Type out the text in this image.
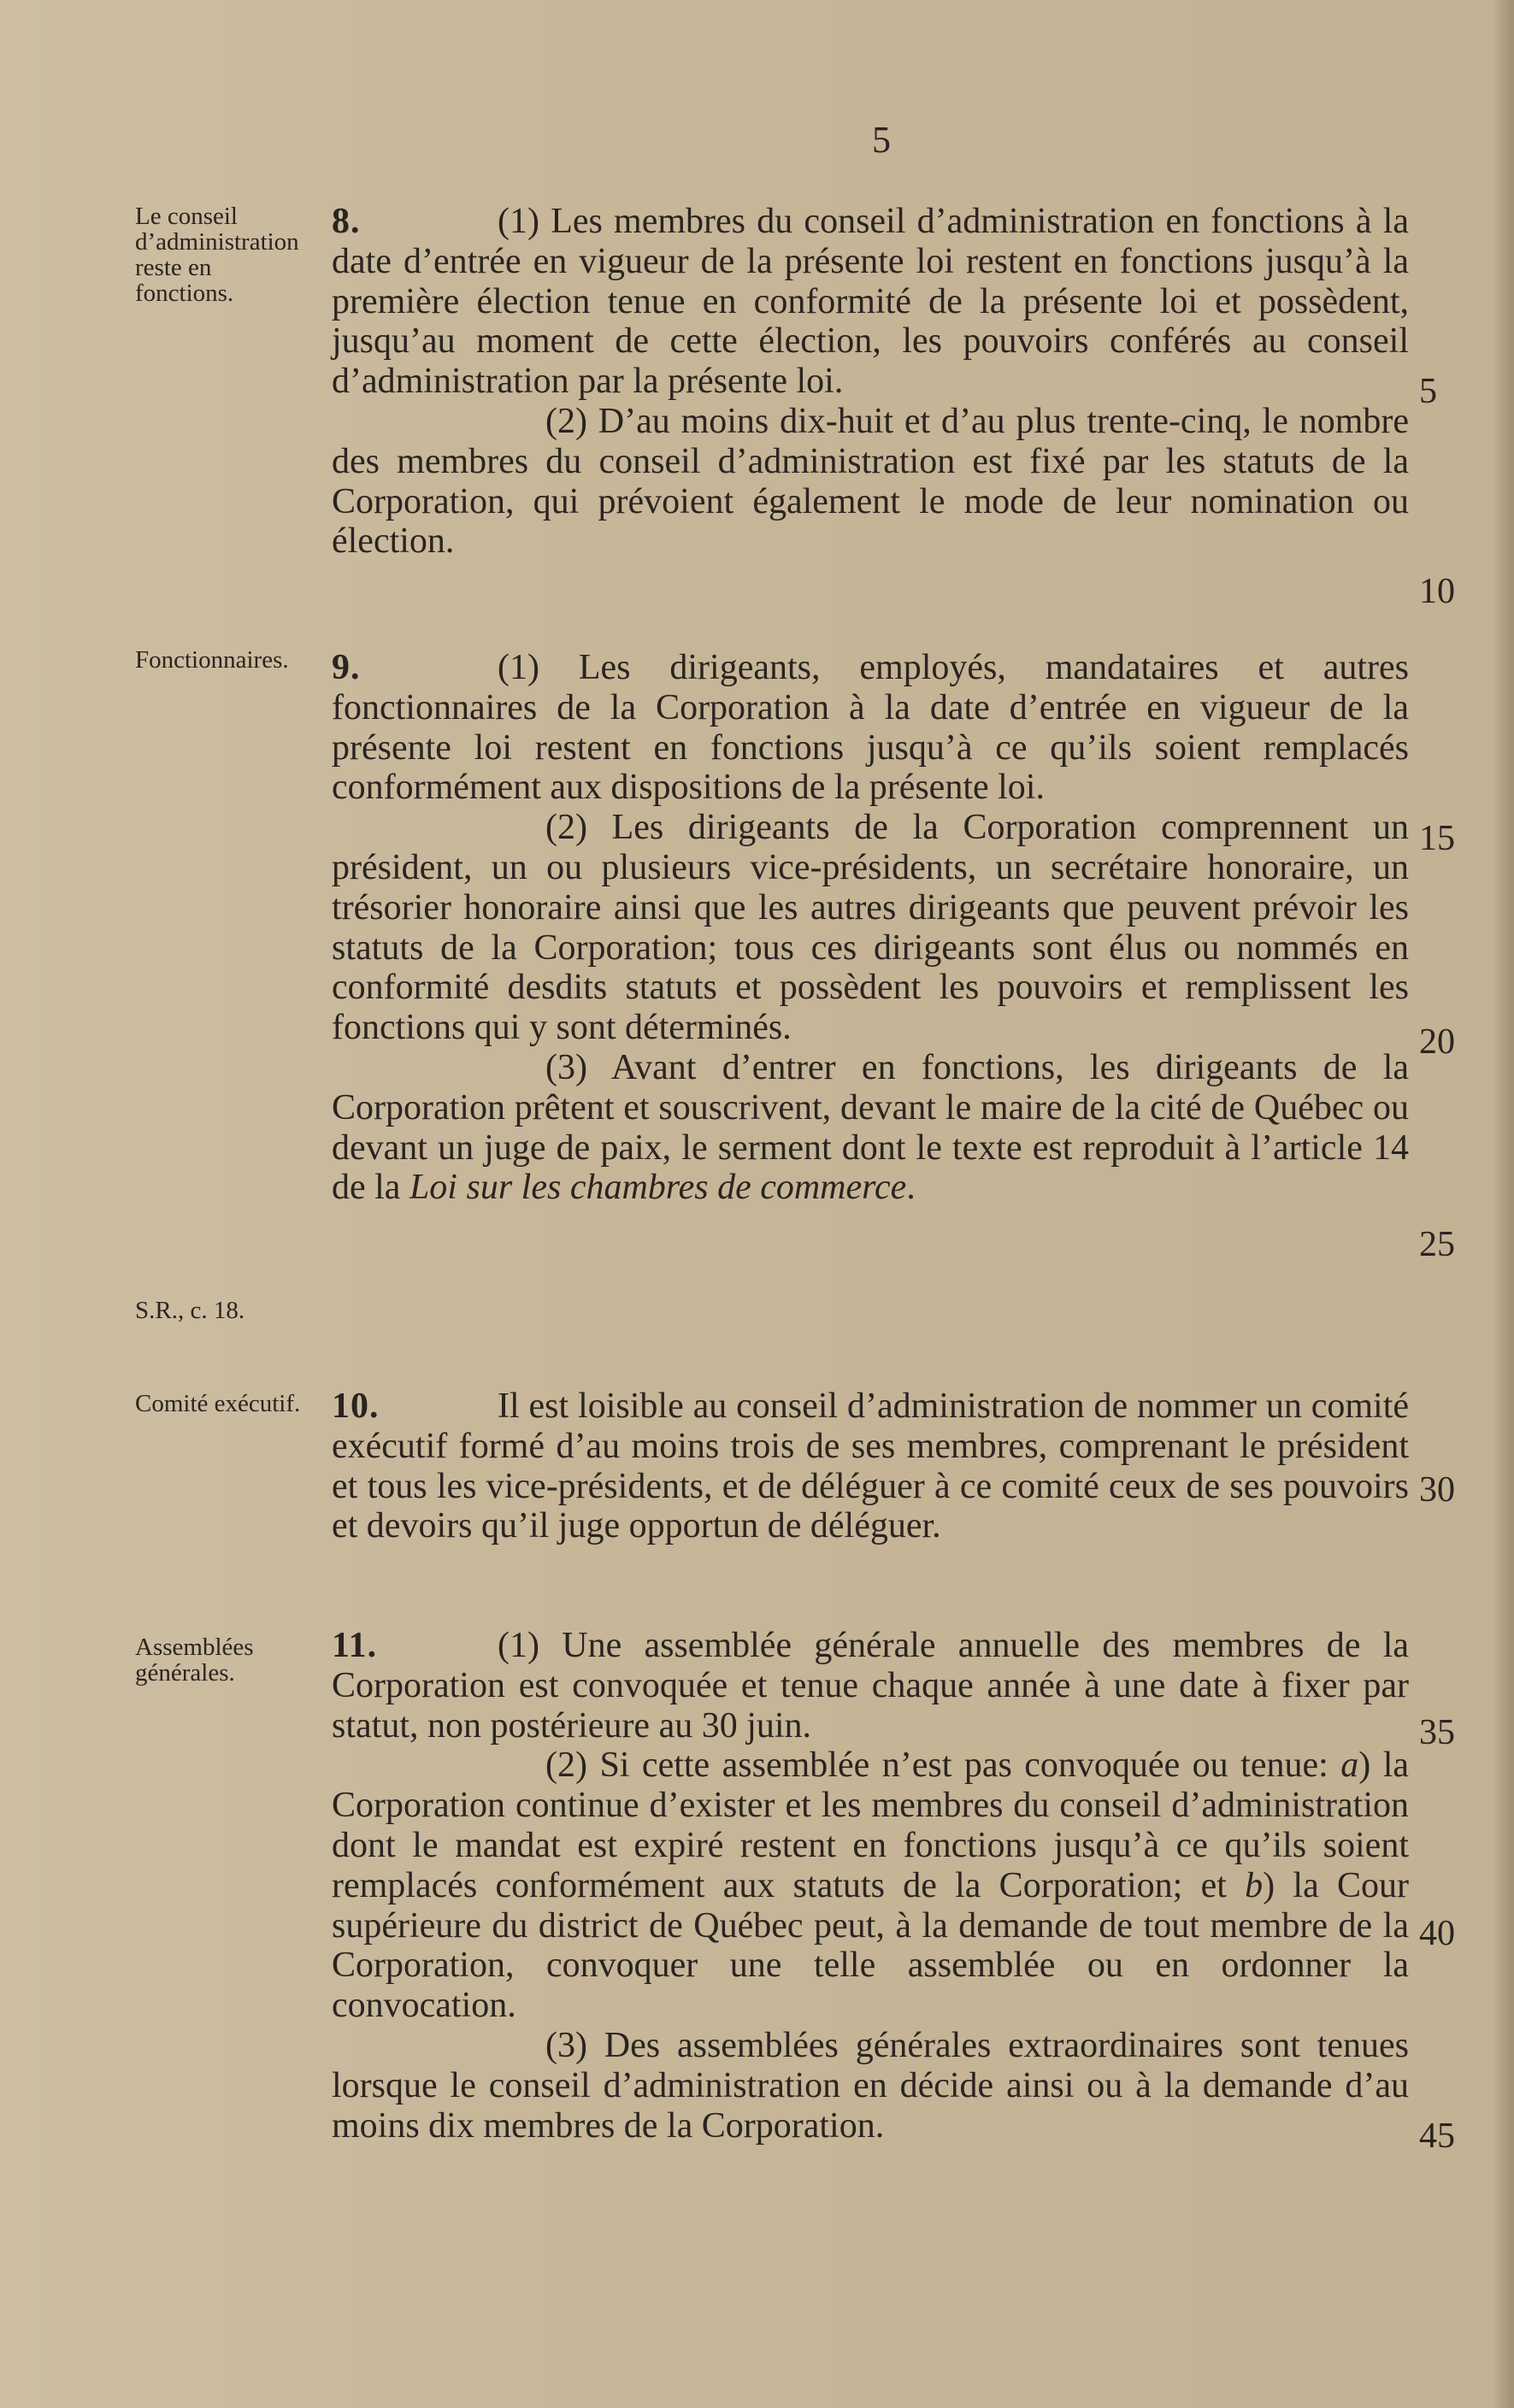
5
Le conseil d’administration reste en fonctions.

8.	(1) Les membres du conseil d’administration en fonctions à la date d’entrée en vigueur de la présente loi restent en fonctions jusqu’à la première élection tenue en conformité de la présente loi et possèdent, jusqu’au moment de cette élection, les pouvoirs conférés au conseil d’administration par la présente loi.

(2) D’au moins dix-huit et d’au plus trente-cinq, le nombre des membres du conseil d’administration est fixé par les statuts de la Corporation, qui prévoient également le mode de leur nomination ou élection.

Fonctionnaires.	9.	(1) Les dirigeants, employés, mandataires et autres fonctionnaires de la Corporation à la date d’entrée en vigueur de la présente loi restent en fonctions jusqu’à ce qu’ils soient remplacés conformément aux dispositions de la présente loi.

(2) Les dirigeants de la Corporation comprennent un président, un ou plusieurs vice-présidents, un secrétaire honoraire, un trésorier honoraire ainsi que les autres dirigeants que peuvent prévoir les statuts de la Corporation; tous ces dirigeants sont élus ou nommés en conformité desdits statuts et possèdent les pouvoirs et remplissent les fonctions qui y sont déterminés.

(3) Avant d’entrer en fonctions, les dirigeants de la Corporation prêtent et souscrivent, devant le maire de la cité de Québec ou devant un juge de paix, le serment dont le texte est reproduit à l’article 14 de la Loi sur les chambres de commerce.

S.R., c. 18.
Comité exécutif. 10.	Il est loisible au conseil d’administration de nommer un comité exécutif formé d’au moins trois de ses membres, comprenant le président et tous les vice-présidents, et de déléguer à ce comité ceux de ses pouvoirs et devoirs qu’il juge opportun de déléguer.

Assemblées générales.

11.	(1) Une assemblée générale annuelle des membres de la Corporation est convoquée et tenue chaque année à une date à fixer par statut, non postérieure au 30 juin.

(2) Si cette assemblée n’est pas convoquée ou tenue: a) la Corporation continue d’exister et les membres du conseil d’administration dont le mandat est expiré restent en fonctions jusqu’à ce qu’ils soient remplacés conformément aux statuts de la Corporation; et b) la Cour supérieure du district de Québec peut, à la demande de tout membre de la Corporation, convoquer une telle assemblée ou en ordonner la convocation.

(3) Des assemblées générales extraordinaires sont tenues lorsque le conseil d’administration en décide ainsi ou à la demande d’au moins dix membres de la Corporation.

5
10
15
20
25
30
35
40
45
